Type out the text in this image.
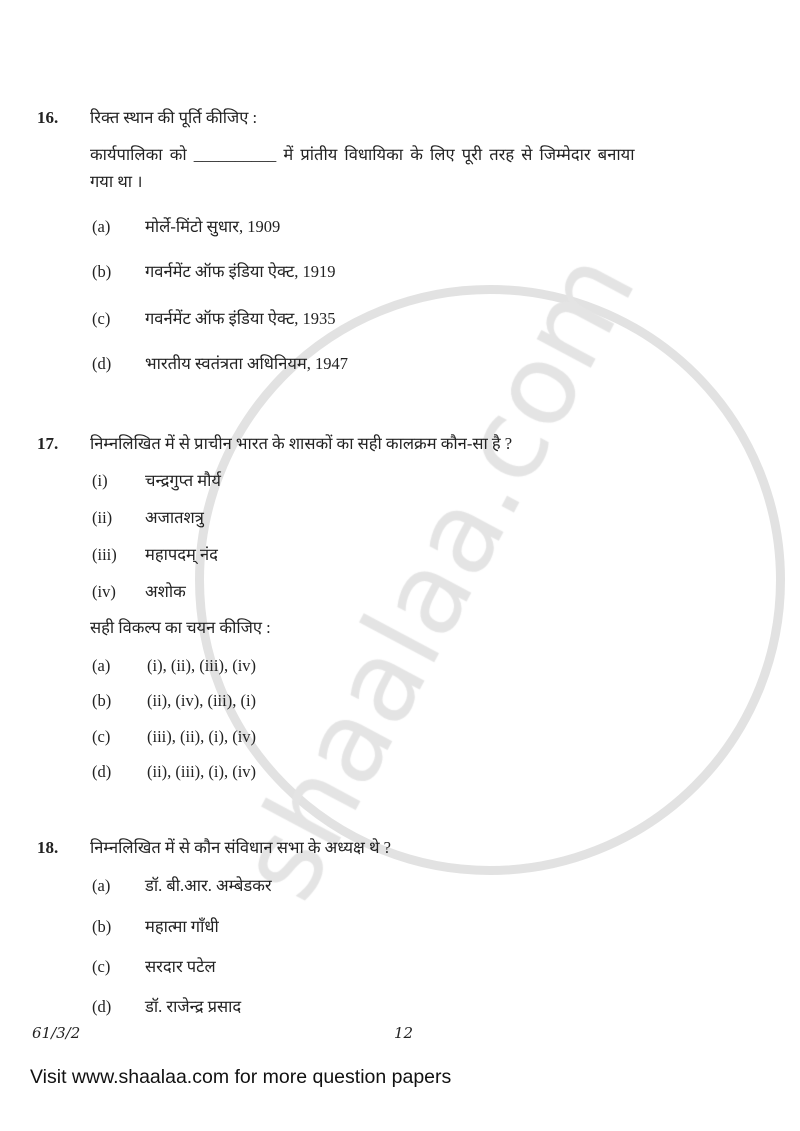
16. रिक्त स्थान की पूर्ति कीजिए :
कार्यपालिका को __________ में प्रांतीय विधायिका के लिए पूरी तरह से जिम्मेदार बनाया
गया था ।
(a) मोर्ले-मिंटो सुधार, 1909
(b) गवर्नमेंट ऑफ इंडिया ऐक्ट, 1919
(c) गवर्नमेंट ऑफ इंडिया ऐक्ट, 1935
(d) भारतीय स्वतंत्रता अधिनियम, 1947
17. निम्नलिखित में से प्राचीन भारत के शासकों का सही कालक्रम कौन-सा है ?
(i) चन्द्रगुप्त मौर्य
(ii) अजातशत्रु
(iii) महापदम् नंद
(iv) अशोक
सही विकल्प का चयन कीजिए :
(a) (i), (ii), (iii), (iv)
(b) (ii), (iv), (iii), (i)
(c) (iii), (ii), (i), (iv)
(d) (ii), (iii), (i), (iv)
18. निम्नलिखित में से कौन संविधान सभा के अध्यक्ष थे ?
(a) डॉ. बी.आर. अम्बेडकर
(b) महात्मा गाँधी
(c) सरदार पटेल
(d) डॉ. राजेन्द्र प्रसाद
61/3/2	12
Visit www.shaalaa.com for more question papers
